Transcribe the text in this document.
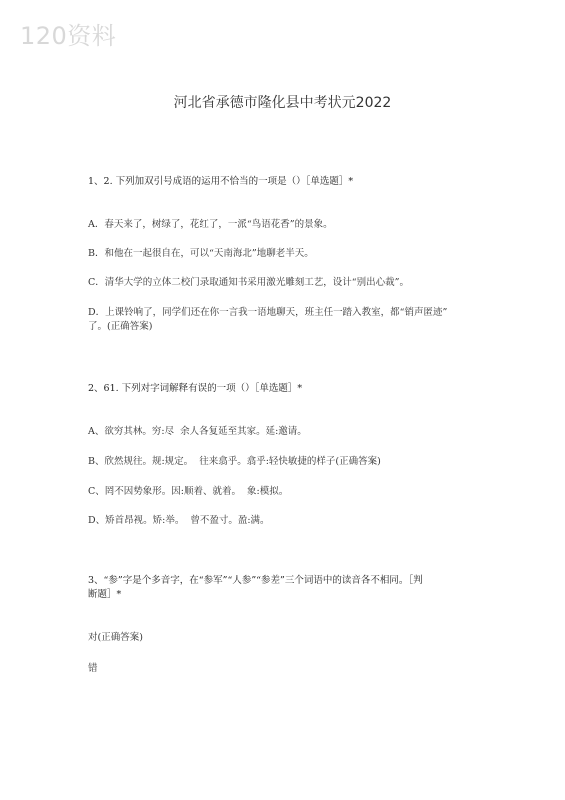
120资料
河北省承德市隆化县中考状元2022
1、2. 下列加双引号成语的运用不恰当的一项是（）［单选题］*
A．春天来了，树绿了，花红了，一派“鸟语花香”的景象。
B．和他在一起很自在，可以“天南海北”地聊老半天。
C．清华大学的立体二校门录取通知书采用激光雕刻工艺，设计“别出心裁”。
D．上课铃响了，同学们还在你一言我一语地聊天，班主任一踏入教室，都“销声匿迹”
了。(正确答案)
2、61. 下列对字词解释有误的一项（）［单选题］*
A、欲穷其林。穷:尽  余人各复延至其家。延:邀请。
B、欣然规往。规:规定。  往来翕乎。翕乎:轻快敏捷的样子(正确答案)
C、罔不因势象形。因:顺着、就着。  象:模拟。
D、矫首昂视。矫:举。  曾不盈寸。盈:满。
3、“参”字是个多音字，在“参军”“人参”“参差”三个词语中的读音各不相同。［判
断题］*
对(正确答案)
错
